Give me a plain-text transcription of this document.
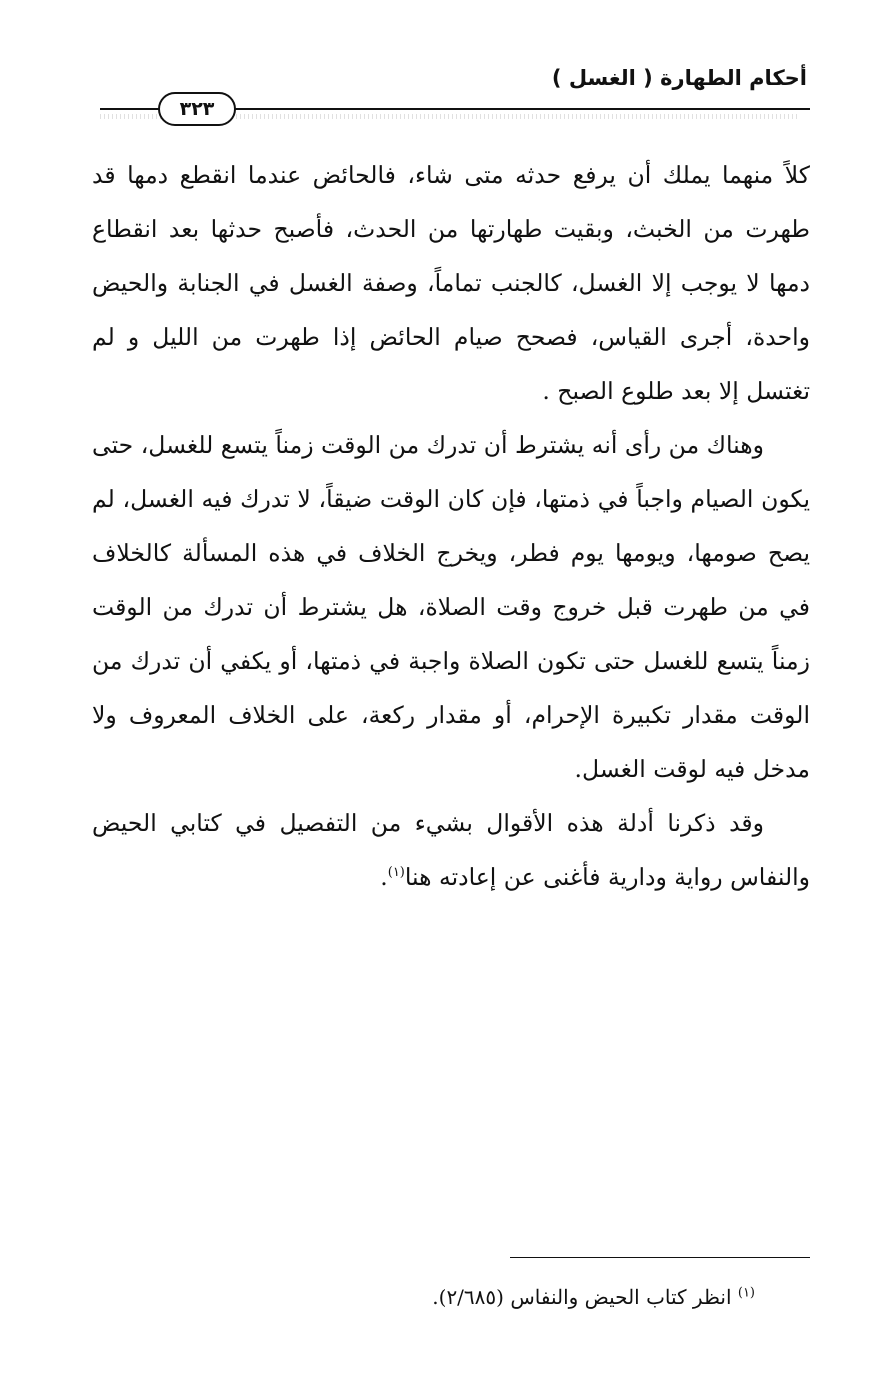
أحكام الطهارة ( الغسل )
٣٢٣

كلاً منهما يملك أن يرفع حدثه متى شاء، فالحائض عندما انقطع دمها قد طهرت من الخبث، وبقيت طهارتها من الحدث، فأصبح حدثها بعد انقطاع دمها لا يوجب إلا الغسل، كالجنب تماماً، وصفة الغسل في الجنابة والحيض واحدة، أجرى القياس، فصحح صيام الحائض إذا طهرت من الليل و لم تغتسل إلا بعد طلوع الصبح .

وهناك من رأى أنه يشترط أن تدرك من الوقت زمناً يتسع للغسل، حتى يكون الصيام واجباً في ذمتها، فإن كان الوقت ضيقاً، لا تدرك فيه الغسل، لم يصح صومها، ويومها يوم فطر، ويخرج الخلاف في هذه المسألة كالخلاف في من طهرت قبل خروج وقت الصلاة، هل يشترط أن تدرك من الوقت زمناً يتسع للغسل حتى تكون الصلاة واجبة في ذمتها، أو يكفي أن تدرك من الوقت مقدار تكبيرة الإحرام، أو مقدار ركعة، على الخلاف المعروف ولا مدخل فيه لوقت الغسل.

وقد ذكرنا أدلة هذه الأقوال بشيء من التفصيل في كتابي الحيض والنفاس رواية ودارية فأغنى عن إعادته هنا$^{(١)}$.

$^{(١)}$ انظر كتاب الحيض والنفاس (٢/٦٨٥).
